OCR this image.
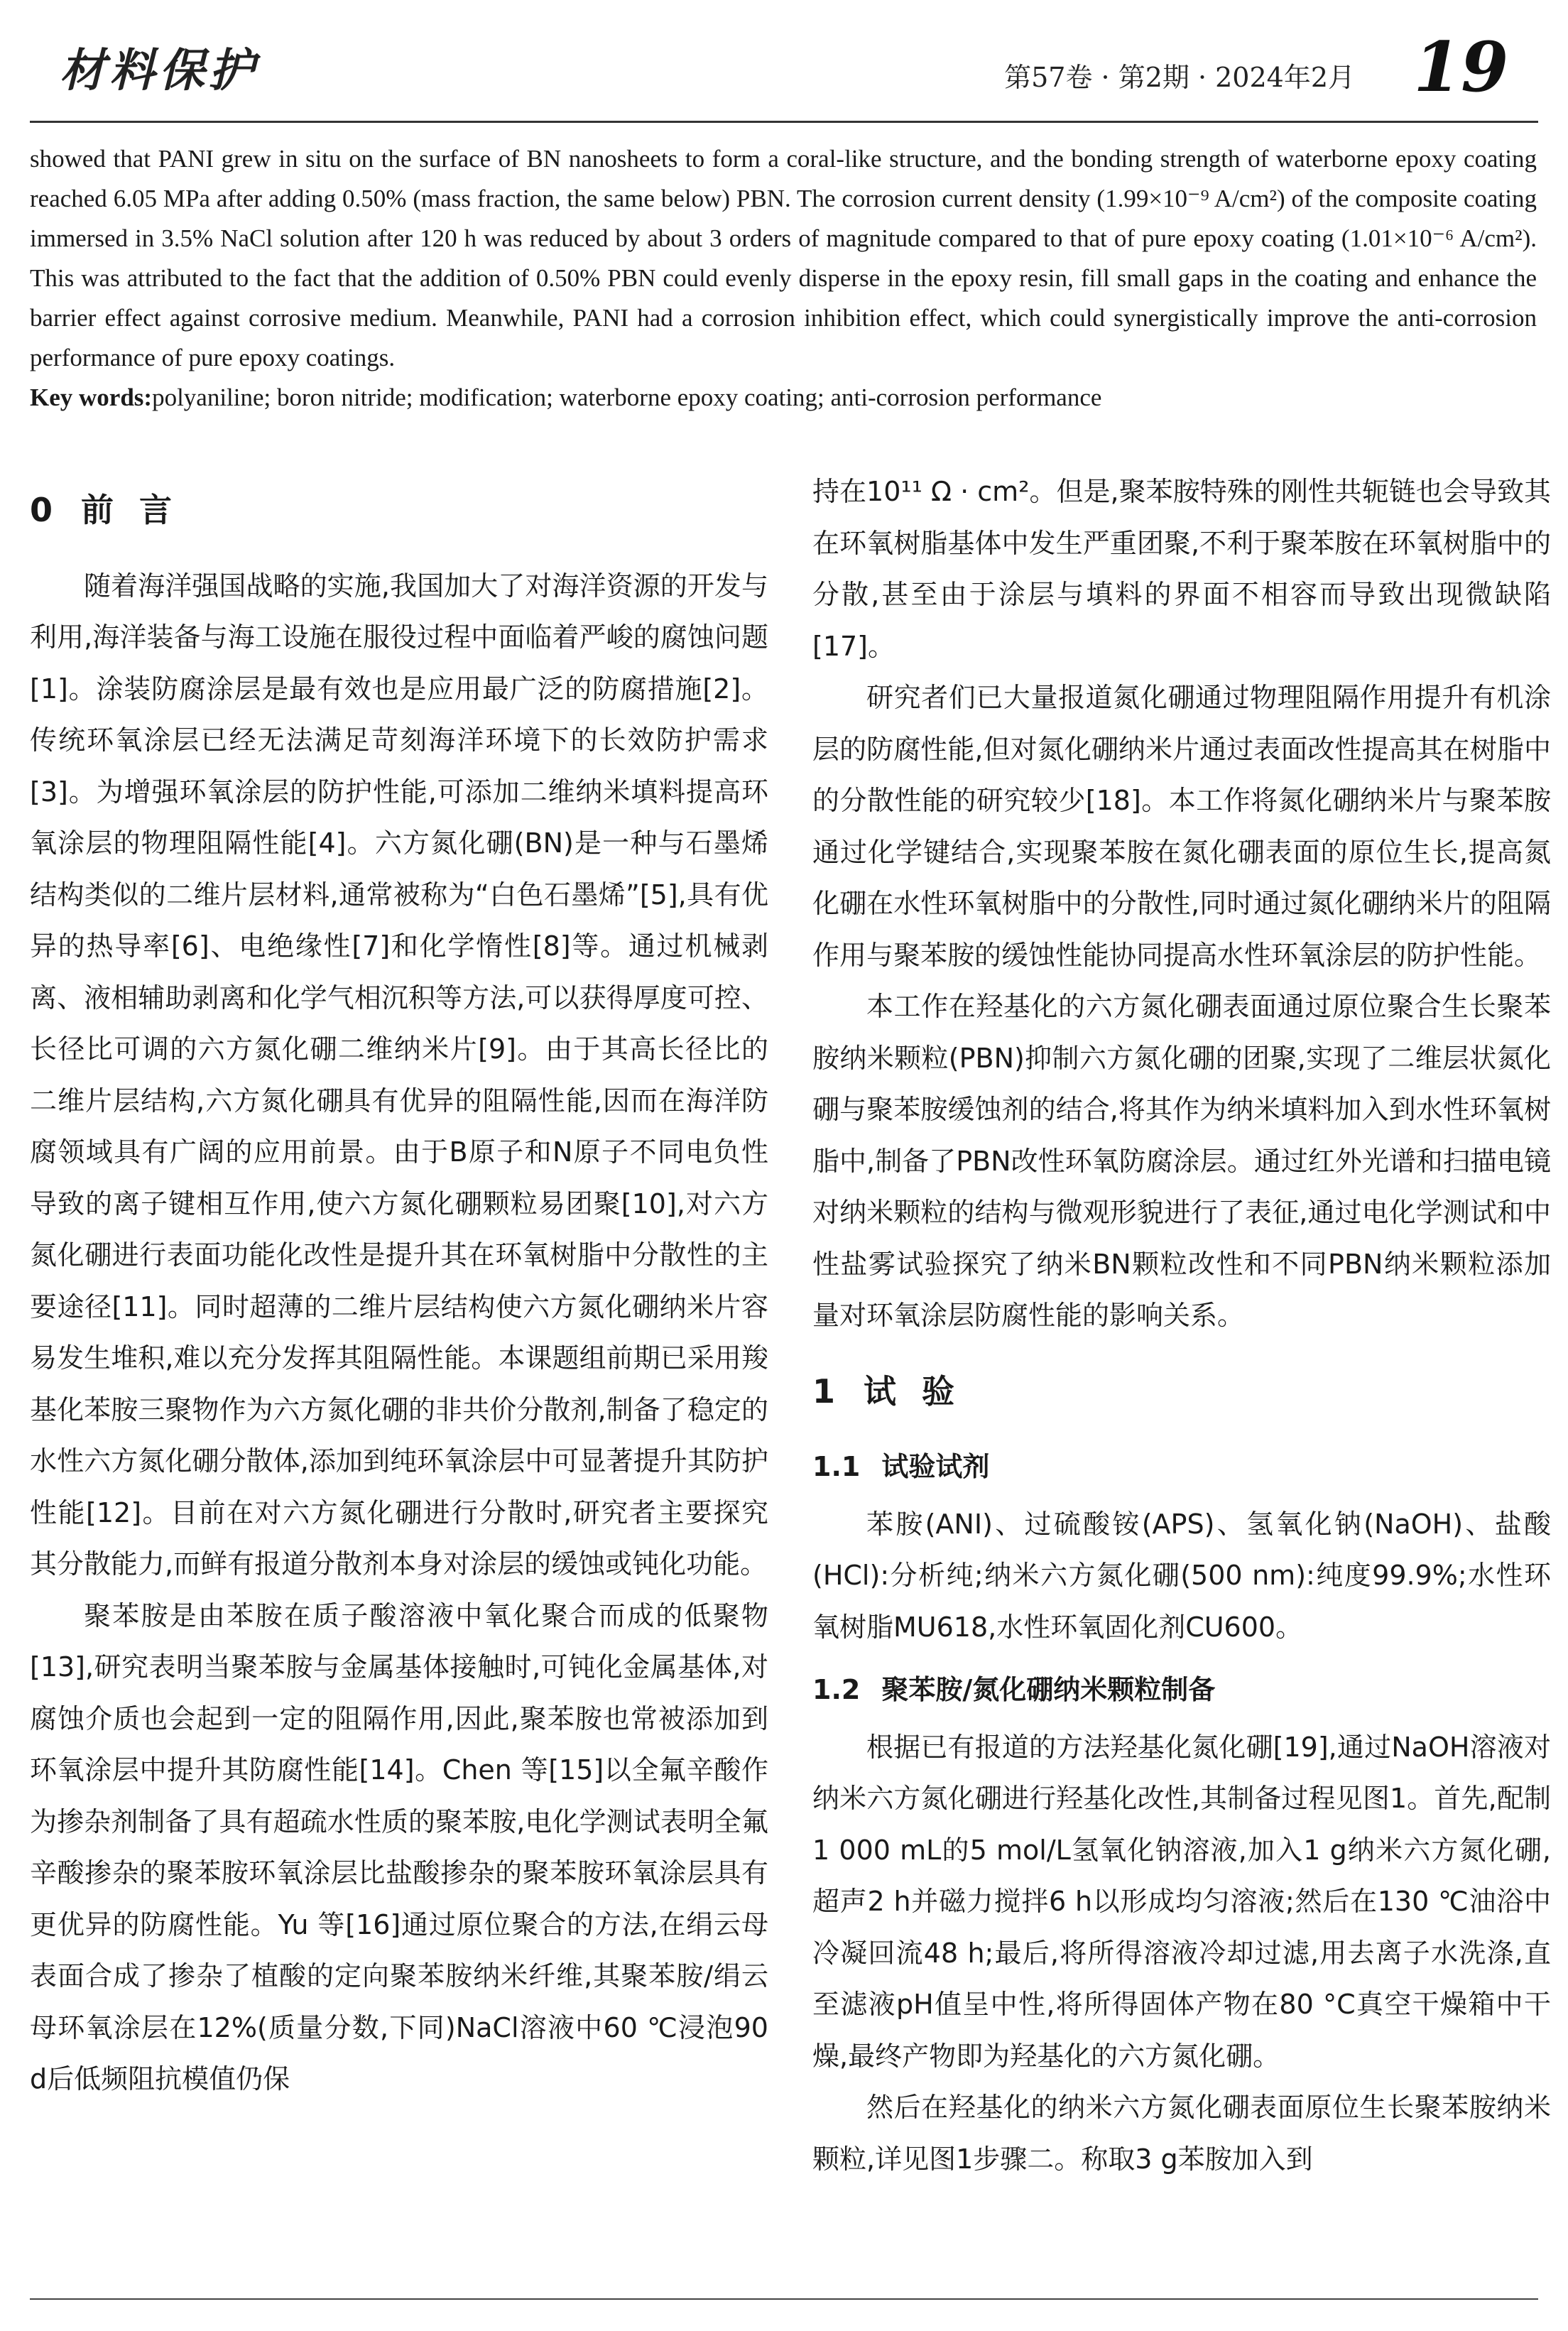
材料保护	第57卷 · 第2期 · 2024年2月 19

showed that PANI grew in situ on the surface of BN nanosheets to form a coral-like structure, and the bonding strength of waterborne epoxy coating reached 6.05 MPa after adding 0.50% (mass fraction, the same below) PBN. The corrosion current density (1.99×10⁻⁹ A/cm²) of the composite coating immersed in 3.5% NaCl solution after 120 h was reduced by about 3 orders of magnitude compared to that of pure epoxy coating (1.01×10⁻⁶ A/cm²). This was attributed to the fact that the addition of 0.50% PBN could evenly disperse in the epoxy resin, fill small gaps in the coating and enhance the barrier effect against corrosive medium. Meanwhile, PANI had a corrosion inhibition effect, which could synergistically improve the anti-corrosion performance of pure epoxy coatings.

Key words:polyaniline; boron nitride; modification; waterborne epoxy coating; anti-corrosion performance

0 前 言

随着海洋强国战略的实施,我国加大了对海洋资源的开发与利用,海洋装备与海工设施在服役过程中面临着严峻的腐蚀问题[1]。涂装防腐涂层是最有效也是应用最广泛的防腐措施[2]。传统环氧涂层已经无法满足苛刻海洋环境下的长效防护需求[3]。为增强环氧涂层的防护性能,可添加二维纳米填料提高环氧涂层的物理阻隔性能[4]。六方氮化硼(BN)是一种与石墨烯结构类似的二维片层材料,通常被称为“白色石墨烯”[5],具有优异的热导率[6]、电绝缘性[7]和化学惰性[8]等。通过机械剥离、液相辅助剥离和化学气相沉积等方法,可以获得厚度可控、长径比可调的六方氮化硼二维纳米片[9]。由于其高长径比的二维片层结构,六方氮化硼具有优异的阻隔性能,因而在海洋防腐领域具有广阔的应用前景。由于B原子和N原子不同电负性导致的离子键相互作用,使六方氮化硼颗粒易团聚[10],对六方氮化硼进行表面功能化改性是提升其在环氧树脂中分散性的主要途径[11]。同时超薄的二维片层结构使六方氮化硼纳米片容易发生堆积,难以充分发挥其阻隔性能。本课题组前期已采用羧基化苯胺三聚物作为六方氮化硼的非共价分散剂,制备了稳定的水性六方氮化硼分散体,添加到纯环氧涂层中可显著提升其防护性能[12]。目前在对六方氮化硼进行分散时,研究者主要探究其分散能力,而鲜有报道分散剂本身对涂层的缓蚀或钝化功能。

聚苯胺是由苯胺在质子酸溶液中氧化聚合而成的低聚物[13],研究表明当聚苯胺与金属基体接触时,可钝化金属基体,对腐蚀介质也会起到一定的阻隔作用,因此,聚苯胺也常被添加到环氧涂层中提升其防腐性能[14]。Chen 等[15]以全氟辛酸作为掺杂剂制备了具有超疏水性质的聚苯胺,电化学测试表明全氟辛酸掺杂的聚苯胺环氧涂层比盐酸掺杂的聚苯胺环氧涂层具有更优异的防腐性能。Yu 等[16]通过原位聚合的方法,在绢云母表面合成了掺杂了植酸的定向聚苯胺纳米纤维,其聚苯胺/绢云母环氧涂层在12%(质量分数,下同)NaCl溶液中60 ℃浸泡90 d后低频阻抗模值仍保

持在10¹¹ Ω · cm²。但是,聚苯胺特殊的刚性共轭链也会导致其在环氧树脂基体中发生严重团聚,不利于聚苯胺在环氧树脂中的分散,甚至由于涂层与填料的界面不相容而导致出现微缺陷[17]。

研究者们已大量报道氮化硼通过物理阻隔作用提升有机涂层的防腐性能,但对氮化硼纳米片通过表面改性提高其在树脂中的分散性能的研究较少[18]。本工作将氮化硼纳米片与聚苯胺通过化学键结合,实现聚苯胺在氮化硼表面的原位生长,提高氮化硼在水性环氧树脂中的分散性,同时通过氮化硼纳米片的阻隔作用与聚苯胺的缓蚀性能协同提高水性环氧涂层的防护性能。

本工作在羟基化的六方氮化硼表面通过原位聚合生长聚苯胺纳米颗粒(PBN)抑制六方氮化硼的团聚,实现了二维层状氮化硼与聚苯胺缓蚀剂的结合,将其作为纳米填料加入到水性环氧树脂中,制备了PBN改性环氧防腐涂层。通过红外光谱和扫描电镜对纳米颗粒的结构与微观形貌进行了表征,通过电化学测试和中性盐雾试验探究了纳米BN颗粒改性和不同PBN纳米颗粒添加量对环氧涂层防腐性能的影响关系。

1 试 验
1.1 试验试剂

苯胺(ANI)、过硫酸铵(APS)、氢氧化钠(NaOH)、盐酸(HCl):分析纯;纳米六方氮化硼(500 nm):纯度99.9%;水性环氧树脂MU618,水性环氧固化剂CU600。

1.2 聚苯胺/氮化硼纳米颗粒制备

根据已有报道的方法羟基化氮化硼[19],通过NaOH溶液对纳米六方氮化硼进行羟基化改性,其制备过程见图1。首先,配制1 000 mL的5 mol/L氢氧化钠溶液,加入1 g纳米六方氮化硼,超声2 h并磁力搅拌6 h以形成均匀溶液;然后在130 ℃油浴中冷凝回流48 h;最后,将所得溶液冷却过滤,用去离子水洗涤,直至滤液pH值呈中性,将所得固体产物在80 °C真空干燥箱中干燥,最终产物即为羟基化的六方氮化硼。

然后在羟基化的纳米六方氮化硼表面原位生长聚苯胺纳米颗粒,详见图1步骤二。称取3 g苯胺加入到
